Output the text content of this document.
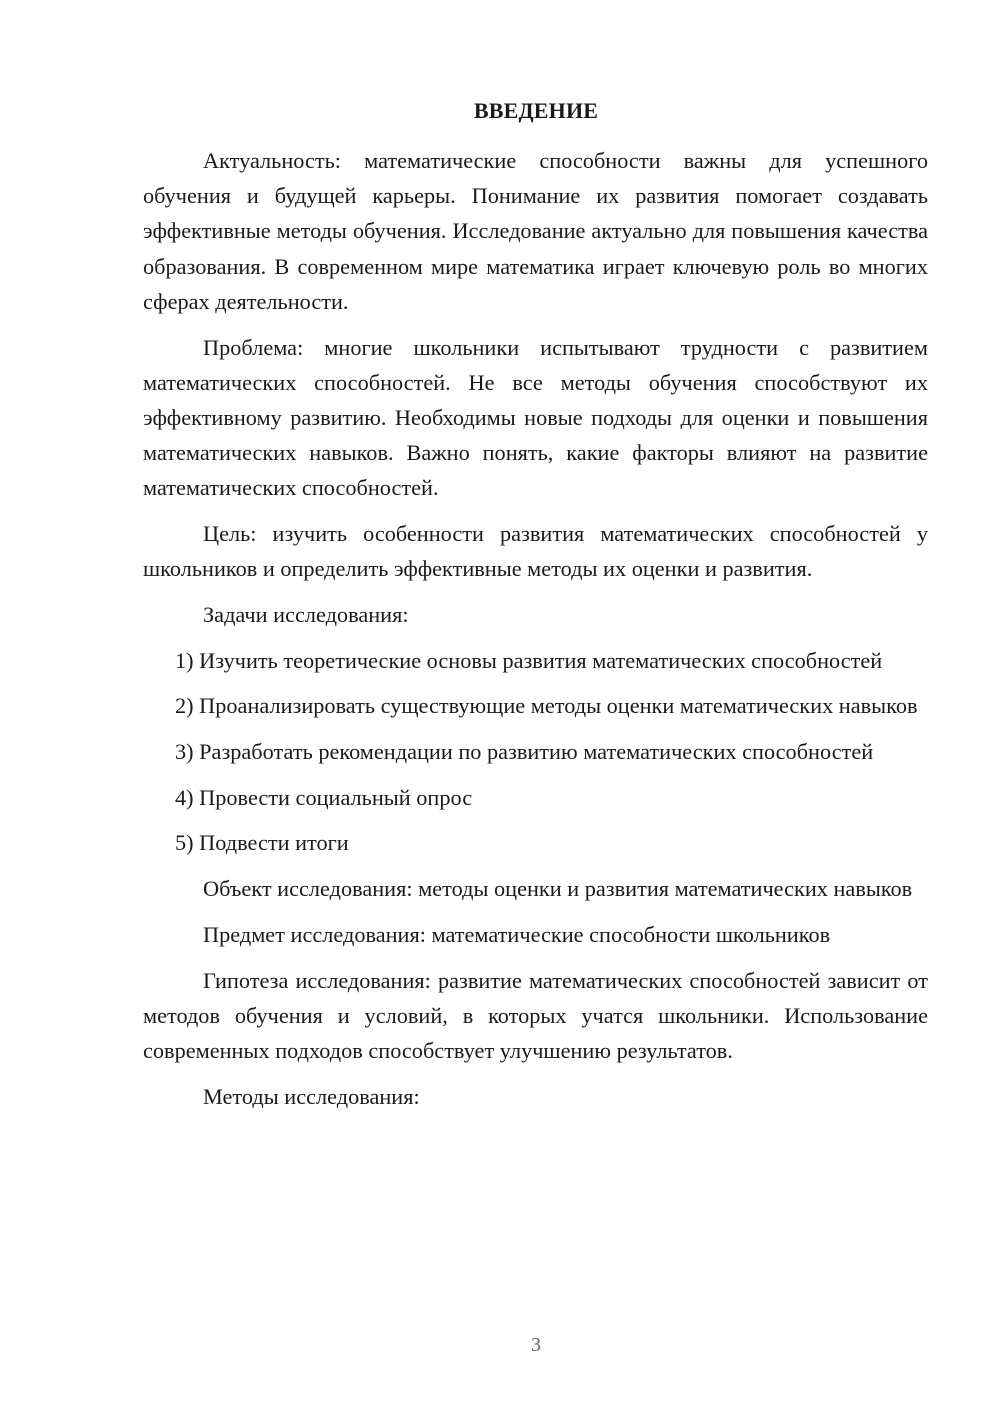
ВВЕДЕНИЕ

Актуальность: математические способности важны для успешного обучения и будущей карьеры. Понимание их развития помогает создавать эффективные методы обучения. Исследование актуально для повышения качества образования. В современном мире математика играет ключевую роль во многих сферах деятельности.

Проблема: многие школьники испытывают трудности с развитием математических способностей. Не все методы обучения способствуют их эффективному развитию. Необходимы новые подходы для оценки и повышения математических навыков. Важно понять, какие факторы влияют на развитие математических способностей.

Цель: изучить особенности развития математических способностей у школьников и определить эффективные методы их оценки и развития.

Задачи исследования:

1) Изучить теоретические основы развития математических способностей

2) Проанализировать существующие методы оценки математических навыков

3) Разработать рекомендации по развитию математических способностей

4) Провести социальный опрос

5) Подвести итоги

Объект исследования: методы оценки и развития математических навыков

Предмет исследования: математические способности школьников

Гипотеза исследования: развитие математических способностей зависит от методов обучения и условий, в которых учатся школьники. Использование современных подходов способствует улучшению результатов.

Методы исследования:

3
